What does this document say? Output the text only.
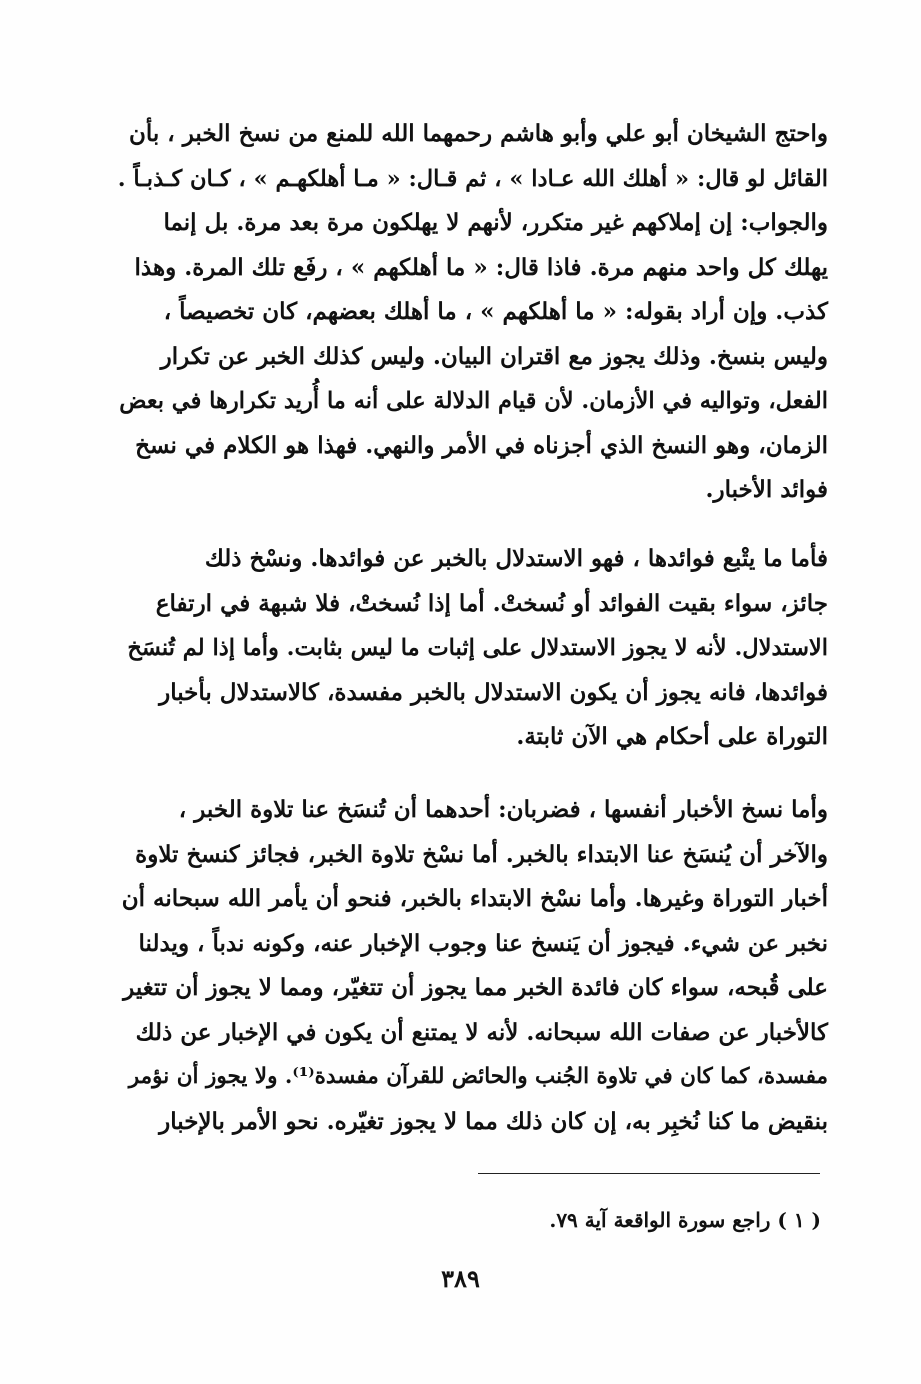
واحتج الشيخان أبو علي وأبو هاشم رحمهما الله للمنع من نسخ الخبر ، بأن
القائل لو قال: « أهلك الله عـادا » ، ثم قـال: « مـا أهلكهـم » ، كـان كـذبـاً .
والجواب: إن إملاكهم غير متكرر، لأنهم لا يهلكون مرة بعد مرة. بل إنما
يهلك كل واحد منهم مرة. فاذا قال: « ما أهلكهم » ، رفَع تلك المرة. وهذا
كذب. وإن أراد بقوله: « ما أهلكهم » ، ما أهلك بعضهم، كان تخصيصاً ،
وليس بنسخ. وذلك يجوز مع اقتران البيان. وليس كذلك الخبر عن تكرار
الفعل، وتواليه في الأزمان. لأن قيام الدلالة على أنه ما أُريد تكرارها في بعض
الزمان، وهو النسخ الذي أجزناه في الأمر والنهي. فهذا هو الكلام في نسخ
فوائد الأخبار.
فأما ما يتْبع فوائدها ، فهو الاستدلال بالخبر عن فوائدها. ونسْخ ذلك
جائز، سواء بقيت الفوائد أو نُسختْ. أما إذا نُسختْ، فلا شبهة في ارتفاع
الاستدلال. لأنه لا يجوز الاستدلال على إثبات ما ليس بثابت. وأما إذا لم تُنسَخ
فوائدها، فانه يجوز أن يكون الاستدلال بالخبر مفسدة، كالاستدلال بأخبار
التوراة على أحكام هي الآن ثابتة.
وأما نسخ الأخبار أنفسها ، فضربان: أحدهما أن تُنسَخ عنا تلاوة الخبر ،
والآخر أن يُنسَخ عنا الابتداء بالخبر. أما نسْخ تلاوة الخبر، فجائز كنسخ تلاوة
أخبار التوراة وغيرها. وأما نسْخ الابتداء بالخبر، فنحو أن يأمر الله سبحانه أن
نخبر عن شيء. فيجوز أن يَنسخ عنا وجوب الإخبار عنه، وكونه ندباً ، ويدلنا
على قُبحه، سواء كان فائدة الخبر مما يجوز أن تتغيّر، ومما لا يجوز أن تتغير
كالأخبار عن صفات الله سبحانه. لأنه لا يمتنع أن يكون في الإخبار عن ذلك
مفسدة، كما كان في تلاوة الجُنب والحائض للقرآن مفسدة⁽¹⁾. ولا يجوز أن نؤمر
بنقيض ما كنا نُخبِر به، إن كان ذلك مما لا يجوز تغيّره. نحو الأمر بالإخبار
( ١ ) راجع سورة الواقعة آية ٧٩.
٣٨٩
